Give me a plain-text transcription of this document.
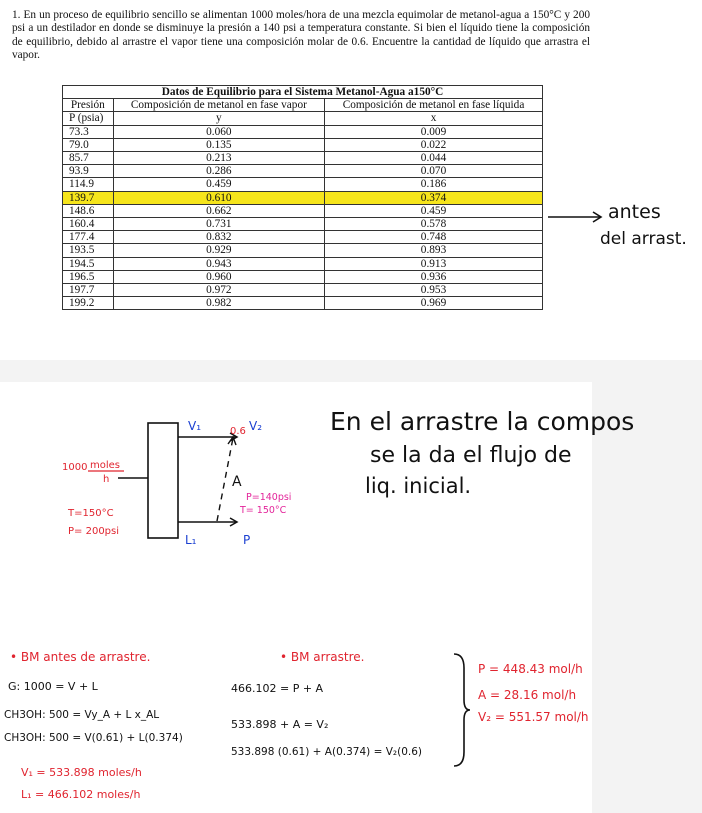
1. En un proceso de equilibrio sencillo se alimentan 1000 moles/hora de una mezcla equimolar de metanol-agua a 150°C y 200 psi a un destilador en donde se disminuye la presión a 140 psi a temperatura constante. Si bien el líquido tiene la composición de equilibrio, debido al arrastre el vapor tiene una composición molar de 0.6. Encuentre la cantidad de líquido que arrastra el vapor.
Datos de Equilibrio para el Sistema Metanol-Agua a150°C		
Presión	Composición de metanol en fase vapor	Composición de metanol en fase líquida
P (psia)	y	x
73.3	0.060	0.009
79.0	0.135	0.022
85.7	0.213	0.044
93.9	0.286	0.070
114.9	0.459	0.186
139.7	0.610	0.374
148.6	0.662	0.459
160.4	0.731	0.578
177.4	0.832	0.748
193.5	0.929	0.893
194.5	0.943	0.913
196.5	0.960	0.936
197.7	0.972	0.953
199.2	0.982	0.969
antes
del arrast.
V₁	0.6 V₂
A
L₁	P
1000 moles
h
T=150°C
P= 200psi
P=140psi
T= 150°C
En el arrastre la compos
se la da el flujo de
liq. inicial.
• BM antes de arrastre.
G: 1000 = V + L
CH3OH: 500 = Vy_A + L x_AL
CH3OH: 500 = V(0.61) + L(0.374)
V₁ = 533.898 moles/h
L₁ = 466.102 moles/h
• BM arrastre.
466.102 = P + A
533.898 + A = V₂
533.898 (0.61) + A(0.374) = V₂(0.6)
P = 448.43 mol/h
A = 28.16 mol/h
V₂ = 551.57 mol/h
